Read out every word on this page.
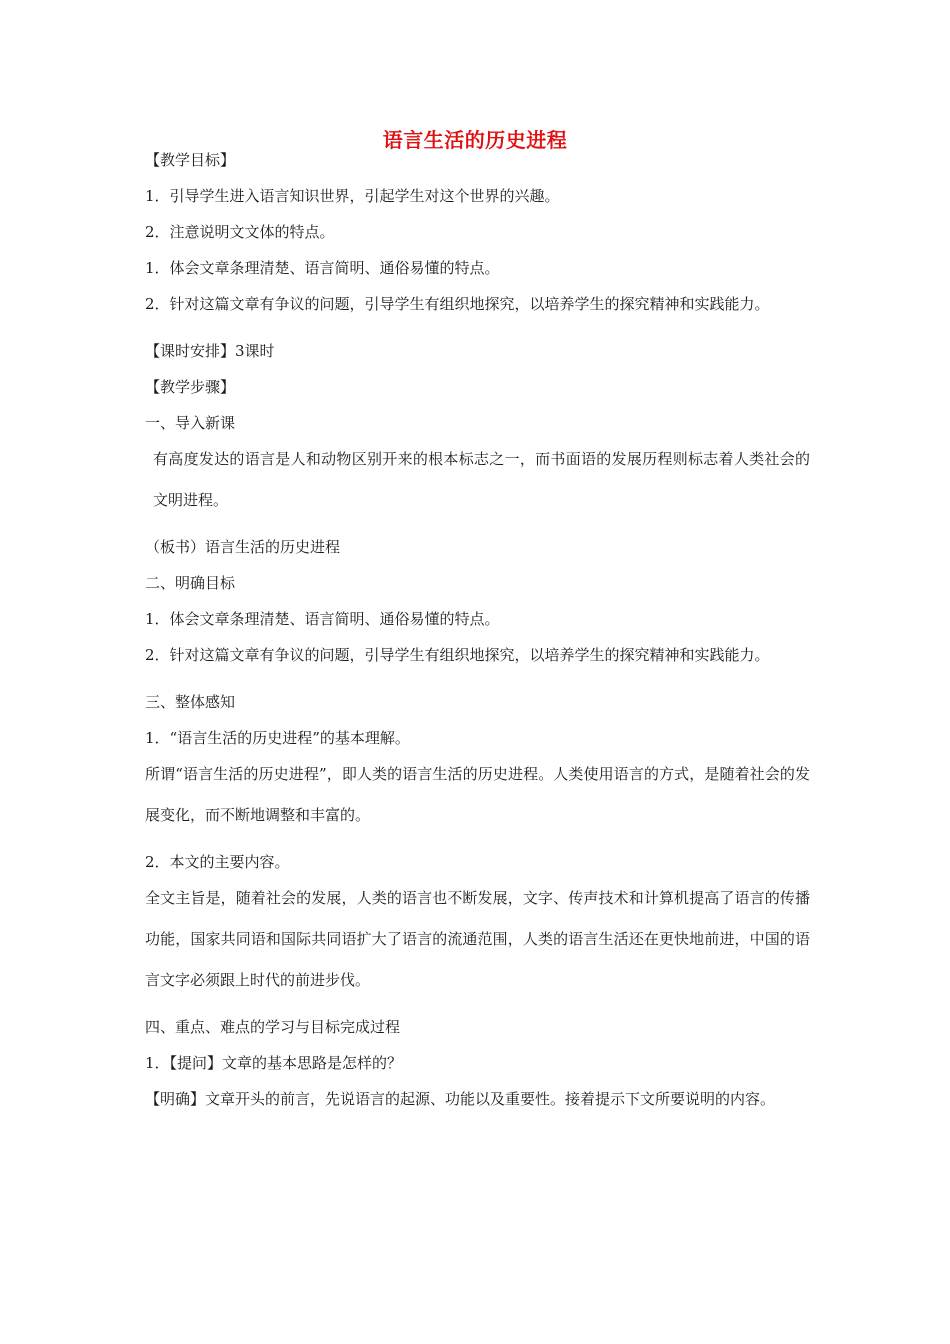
语言生活的历史进程

【教学目标】

1．引导学生进入语言知识世界，引起学生对这个世界的兴趣。

2．注意说明文文体的特点。

1．体会文章条理清楚、语言简明、通俗易懂的特点。

2．针对这篇文章有争议的问题，引导学生有组织地探究，以培养学生的探究精神和实践能力。

【课时安排】3课时

【教学步骤】

一、导入新课

有高度发达的语言是人和动物区别开来的根本标志之一，而书面语的发展历程则标志着人类社会的文明进程。

（板书）语言生活的历史进程

二、明确目标

1．体会文章条理清楚、语言简明、通俗易懂的特点。

2．针对这篇文章有争议的问题，引导学生有组织地探究，以培养学生的探究精神和实践能力。

三、整体感知

1．“语言生活的历史进程”的基本理解。

所谓“语言生活的历史进程”，即人类的语言生活的历史进程。人类使用语言的方式，是随着社会的发展变化，而不断地调整和丰富的。

2．本文的主要内容。

全文主旨是，随着社会的发展，人类的语言也不断发展，文字、传声技术和计算机提高了语言的传播功能，国家共同语和国际共同语扩大了语言的流通范围，人类的语言生活还在更快地前进，中国的语言文字必须跟上时代的前进步伐。

四、重点、难点的学习与目标完成过程

1．【提问】文章的基本思路是怎样的？

【明确】文章开头的前言，先说语言的起源、功能以及重要性。接着提示下文所要说明的内容。
